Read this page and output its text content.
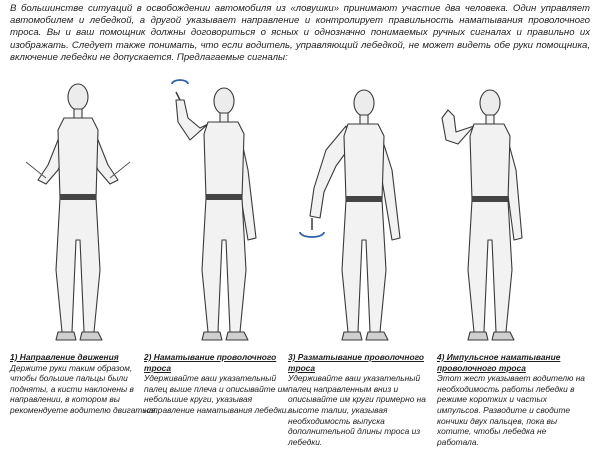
В большинстве ситуаций в освобождении автомобиля из «ловушки» принимают участие два человека. Один управляет автомобилем и лебедкой, а другой указывает направление и контролирует правильность наматывания проволочного троса. Вы и ваш помощник должны договориться о ясных и однозначно понимаемых ручных сигналах и правильно их изображать. Следует также понимать, что если водитель, управляющий лебедкой, не может видеть обе руки помощника, включение лебедки не допускается. Предлагаемые сигналы:
1) Направление движения
Держите руки таким образом, чтобы большие пальцы были подняты, а кисти наклонены в направлении, в котором вы рекомендуете водителю двигаться.
2) Наматывание проволочного троса
Удерживайте ваш указательный палец выше плеча и описывайте им небольшие круги, указывая направление наматывания лебедки.
3) Разматывание проволочного троса
Удерживайте ваш указательный палец направленным вниз и описывайте им круги примерно на высоте талии, указывая необходимость выпуска дополнительной длины троса из лебедки.
4) Импульсное наматывание проволочного троса
Этот жест указывает водителю на необходимость работы лебедки в режиме коротких и частых импульсов. Разводите и сводите кончики двух пальцев, пока вы хотите, чтобы лебедка не работала.
